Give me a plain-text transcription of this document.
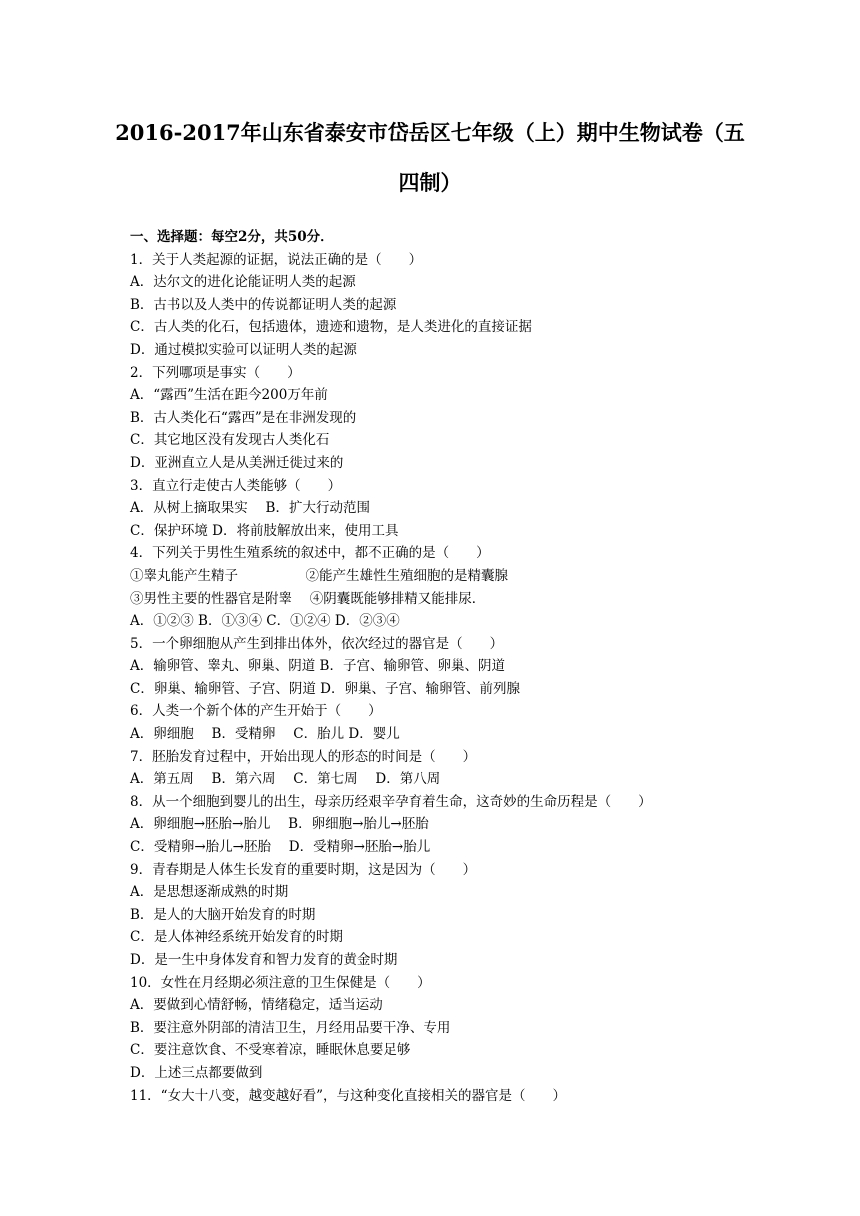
2016-2017年山东省泰安市岱岳区七年级（上）期中生物试卷（五
四制）
一、选择题：每空2分，共50分．
1．关于人类起源的证据，说法正确的是（　　）
A．达尔文的进化论能证明人类的起源
B．古书以及人类中的传说都证明人类的起源
C．古人类的化石，包括遗体，遗迹和遗物，是人类进化的直接证据
D．通过模拟实验可以证明人类的起源
2．下列哪项是事实（　　）
A．“露西”生活在距今200万年前
B．古人类化石“露西”是在非洲发现的
C．其它地区没有发现古人类化石
D．亚洲直立人是从美洲迁徙过来的
3．直立行走使古人类能够（　　）
A．从树上摘取果实　 B．扩大行动范围
C．保护环境 D．将前肢解放出来，使用工具
4．下列关于男性生殖系统的叙述中，都不正确的是（　　）
①睾丸能产生精子　　　　　②能产生雄性生殖细胞的是精囊腺
③男性主要的性器官是附睾　 ④阴囊既能够排精又能排尿．
A．①②③ B．①③④ C．①②④ D．②③④
5．一个卵细胞从产生到排出体外，依次经过的器官是（　　）
A．输卵管、睾丸、卵巢、阴道 B．子宫、输卵管、卵巢、阴道
C．卵巢、输卵管、子宫、阴道 D．卵巢、子宫、输卵管、前列腺
6．人类一个新个体的产生开始于（　　）
A．卵细胞　 B．受精卵　 C．胎儿 D．婴儿
7．胚胎发育过程中，开始出现人的形态的时间是（　　）
A．第五周　 B．第六周　 C．第七周　 D．第八周
8．从一个细胞到婴儿的出生，母亲历经艰辛孕育着生命，这奇妙的生命历程是（　　）
A．卵细胞→胚胎→胎儿　 B．卵细胞→胎儿→胚胎
C．受精卵→胎儿→胚胎　 D．受精卵→胚胎→胎儿
9．青春期是人体生长发育的重要时期，这是因为（　　）
A．是思想逐渐成熟的时期
B．是人的大脑开始发育的时期
C．是人体神经系统开始发育的时期
D．是一生中身体发育和智力发育的黄金时期
10．女性在月经期必须注意的卫生保健是（　　）
A．要做到心情舒畅，情绪稳定，适当运动
B．要注意外阴部的清洁卫生，月经用品要干净、专用
C．要注意饮食、不受寒着凉，睡眠休息要足够
D．上述三点都要做到
11．“女大十八变，越变越好看”，与这种变化直接相关的器官是（　　）
